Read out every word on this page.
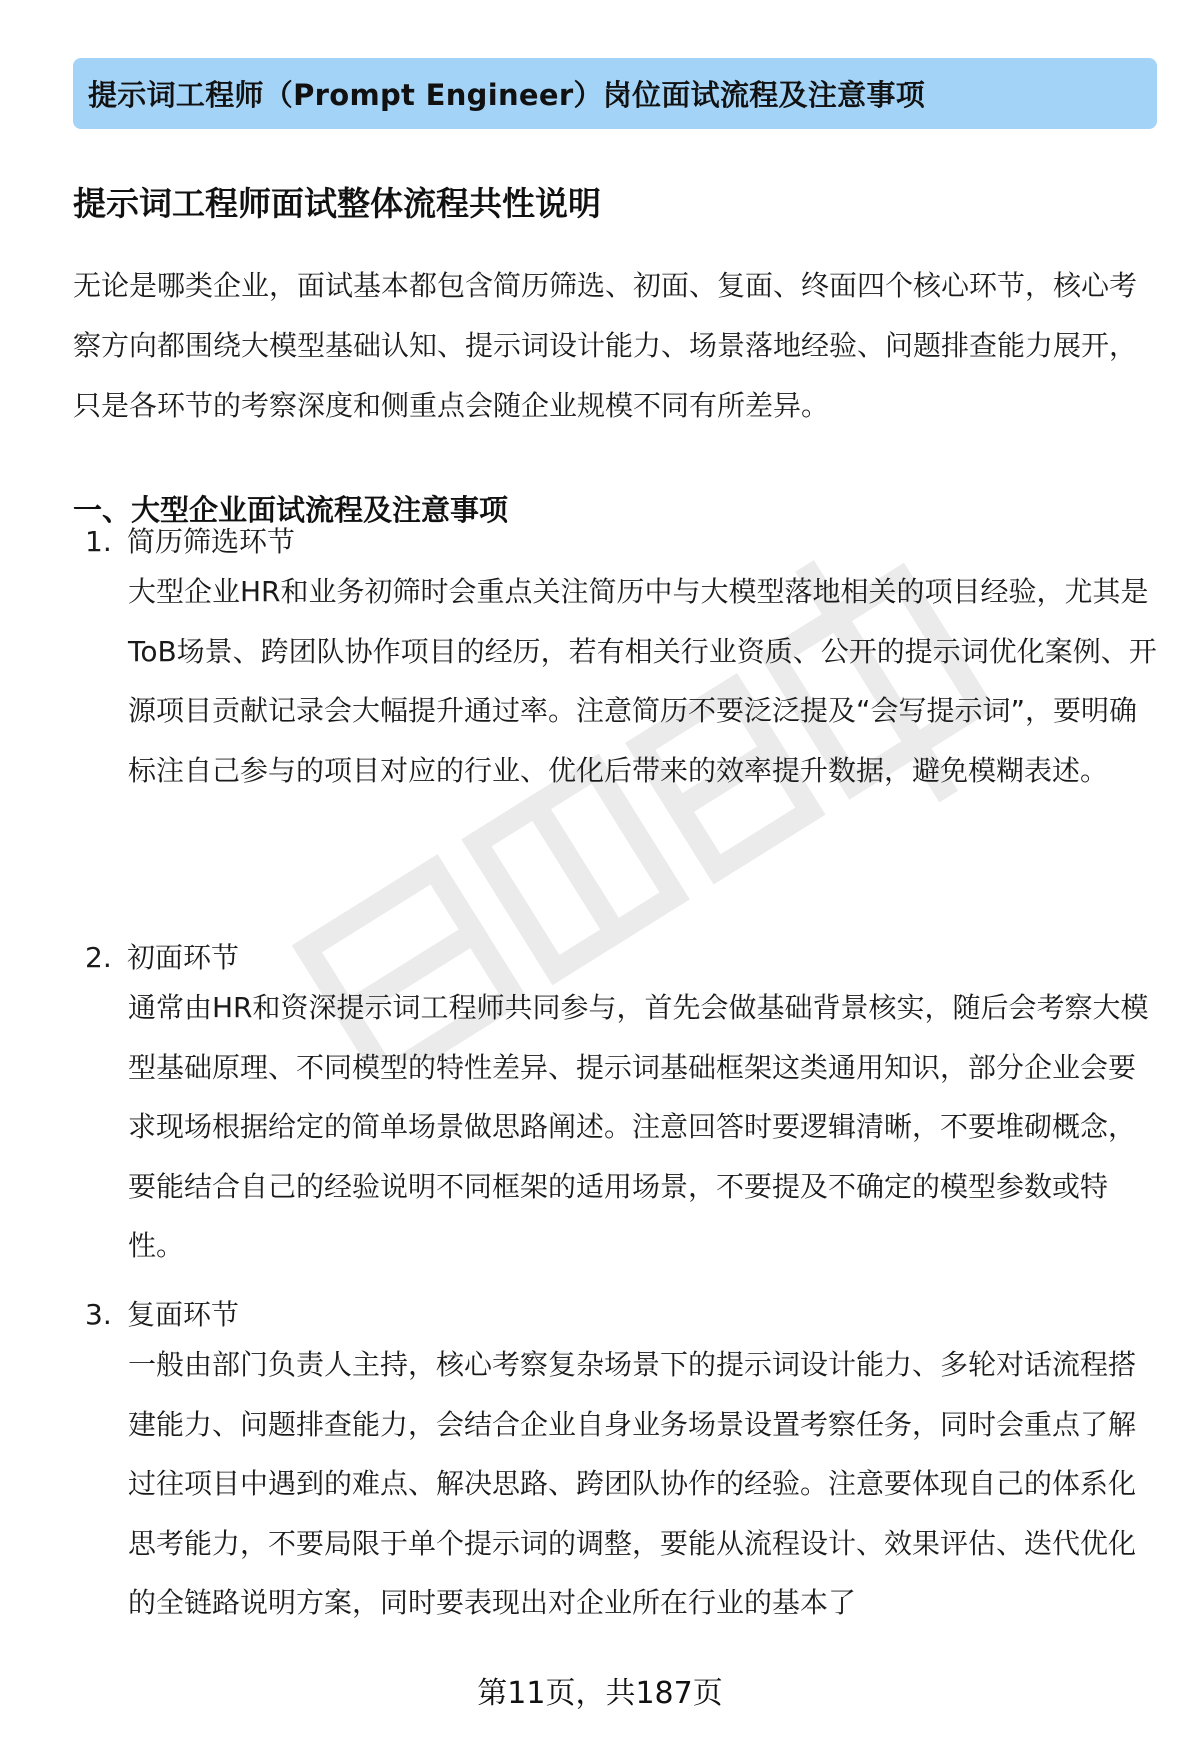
提示词工程师（Prompt Engineer）岗位面试流程及注意事项
提示词工程师面试整体流程共性说明

无论是哪类企业，面试基本都包含简历筛选、初面、复面、终面四个核心环节，核心考察方向都围绕大模型基础认知、提示词设计能力、场景落地经验、问题排查能力展开，只是各环节的考察深度和侧重点会随企业规模不同有所差异。

一、大型企业面试流程及注意事项
1. 简历筛选环节

大型企业HR和业务初筛时会重点关注简历中与大模型落地相关的项目经验，尤其是ToB场景、跨团队协作项目的经历，若有相关行业资质、公开的提示词优化案例、开源项目贡献记录会大幅提升通过率。注意简历不要泛泛提及“会写提示词”，要明确标注自己参与的项目对应的行业、优化后带来的效率提升数据，避免模糊表述。

2. 初面环节

通常由HR和资深提示词工程师共同参与，首先会做基础背景核实，随后会考察大模型基础原理、不同模型的特性差异、提示词基础框架这类通用知识，部分企业会要求现场根据给定的简单场景做思路阐述。注意回答时要逻辑清晰，不要堆砌概念，要能结合自己的经验说明不同框架的适用场景，不要提及不确定的模型参数或特性。

3. 复面环节

一般由部门负责人主持，核心考察复杂场景下的提示词设计能力、多轮对话流程搭建能力、问题排查能力，会结合企业自身业务场景设置考察任务，同时会重点了解过往项目中遇到的难点、解决思路、跨团队协作的经验。注意要体现自己的体系化思考能力，不要局限于单个提示词的调整，要能从流程设计、效果评估、迭代优化的全链路说明方案，同时要表现出对企业所在行业的基本了

第11页，共187页
